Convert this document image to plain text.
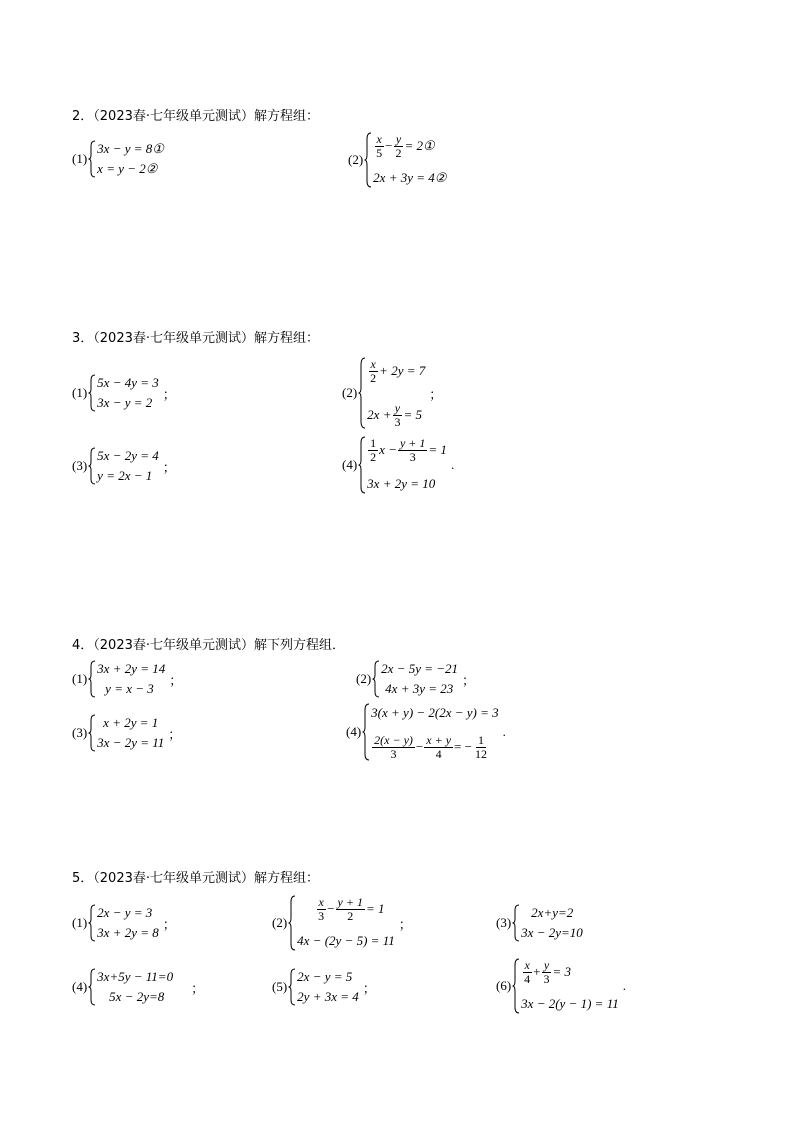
2．（2023春·七年级单元测试）解方程组：
(1)
3x − y = 8①
x = y − 2②
$(2) \frac{x}{5} - \frac{y}{2}$ = 2①
2x + 3y = 4②
3．（2023春·七年级单元测试）解方程组：
(1)
5x − 4y = 3
3x − y = 2
；	(2)
$\frac{x}{2} + 2y = 7$
$2x + \frac{y}{3} = 5$
；
(3)
5x − 2y = 4
y = 2x − 1
；	(4)
$\frac{1}{2}$ $x - \frac{y + 1}{3} = 1$
3x + 2y = 10
.
4．（2023春·七年级单元测试）解下列方程组．
(1)
3x + 2y = 14
y = x − 3
；	(2)
2x − 5y = −21
4x + 3y = 23
；
(3)
x + 2y = 1
3x − 2y = 11
；	(4)
3(x + y) − 2(2x − y) = 3
$\frac{2(x - y)}{3} - \frac{x + y}{4}$ = − $\frac{1}{12}$
.
5．（2023春·七年级单元测试）解方程组：
(1)
2x − y = 3
3x + 2y = 8
；	$(2) \frac{x}{3} - \frac{y + 1}{2} = 1$
4x − (2y − 5) = 11
；	(3)
2x+y=2
3x − 2y=10
(4)
3x+5y − 11=0
5x − 2y=8
；	(5)
2x − y = 5
2y + 3x = 4
；	$(6) \frac{x}{4} + \frac{y}{3} = 3$
3x − 2(y − 1) = 11
.
